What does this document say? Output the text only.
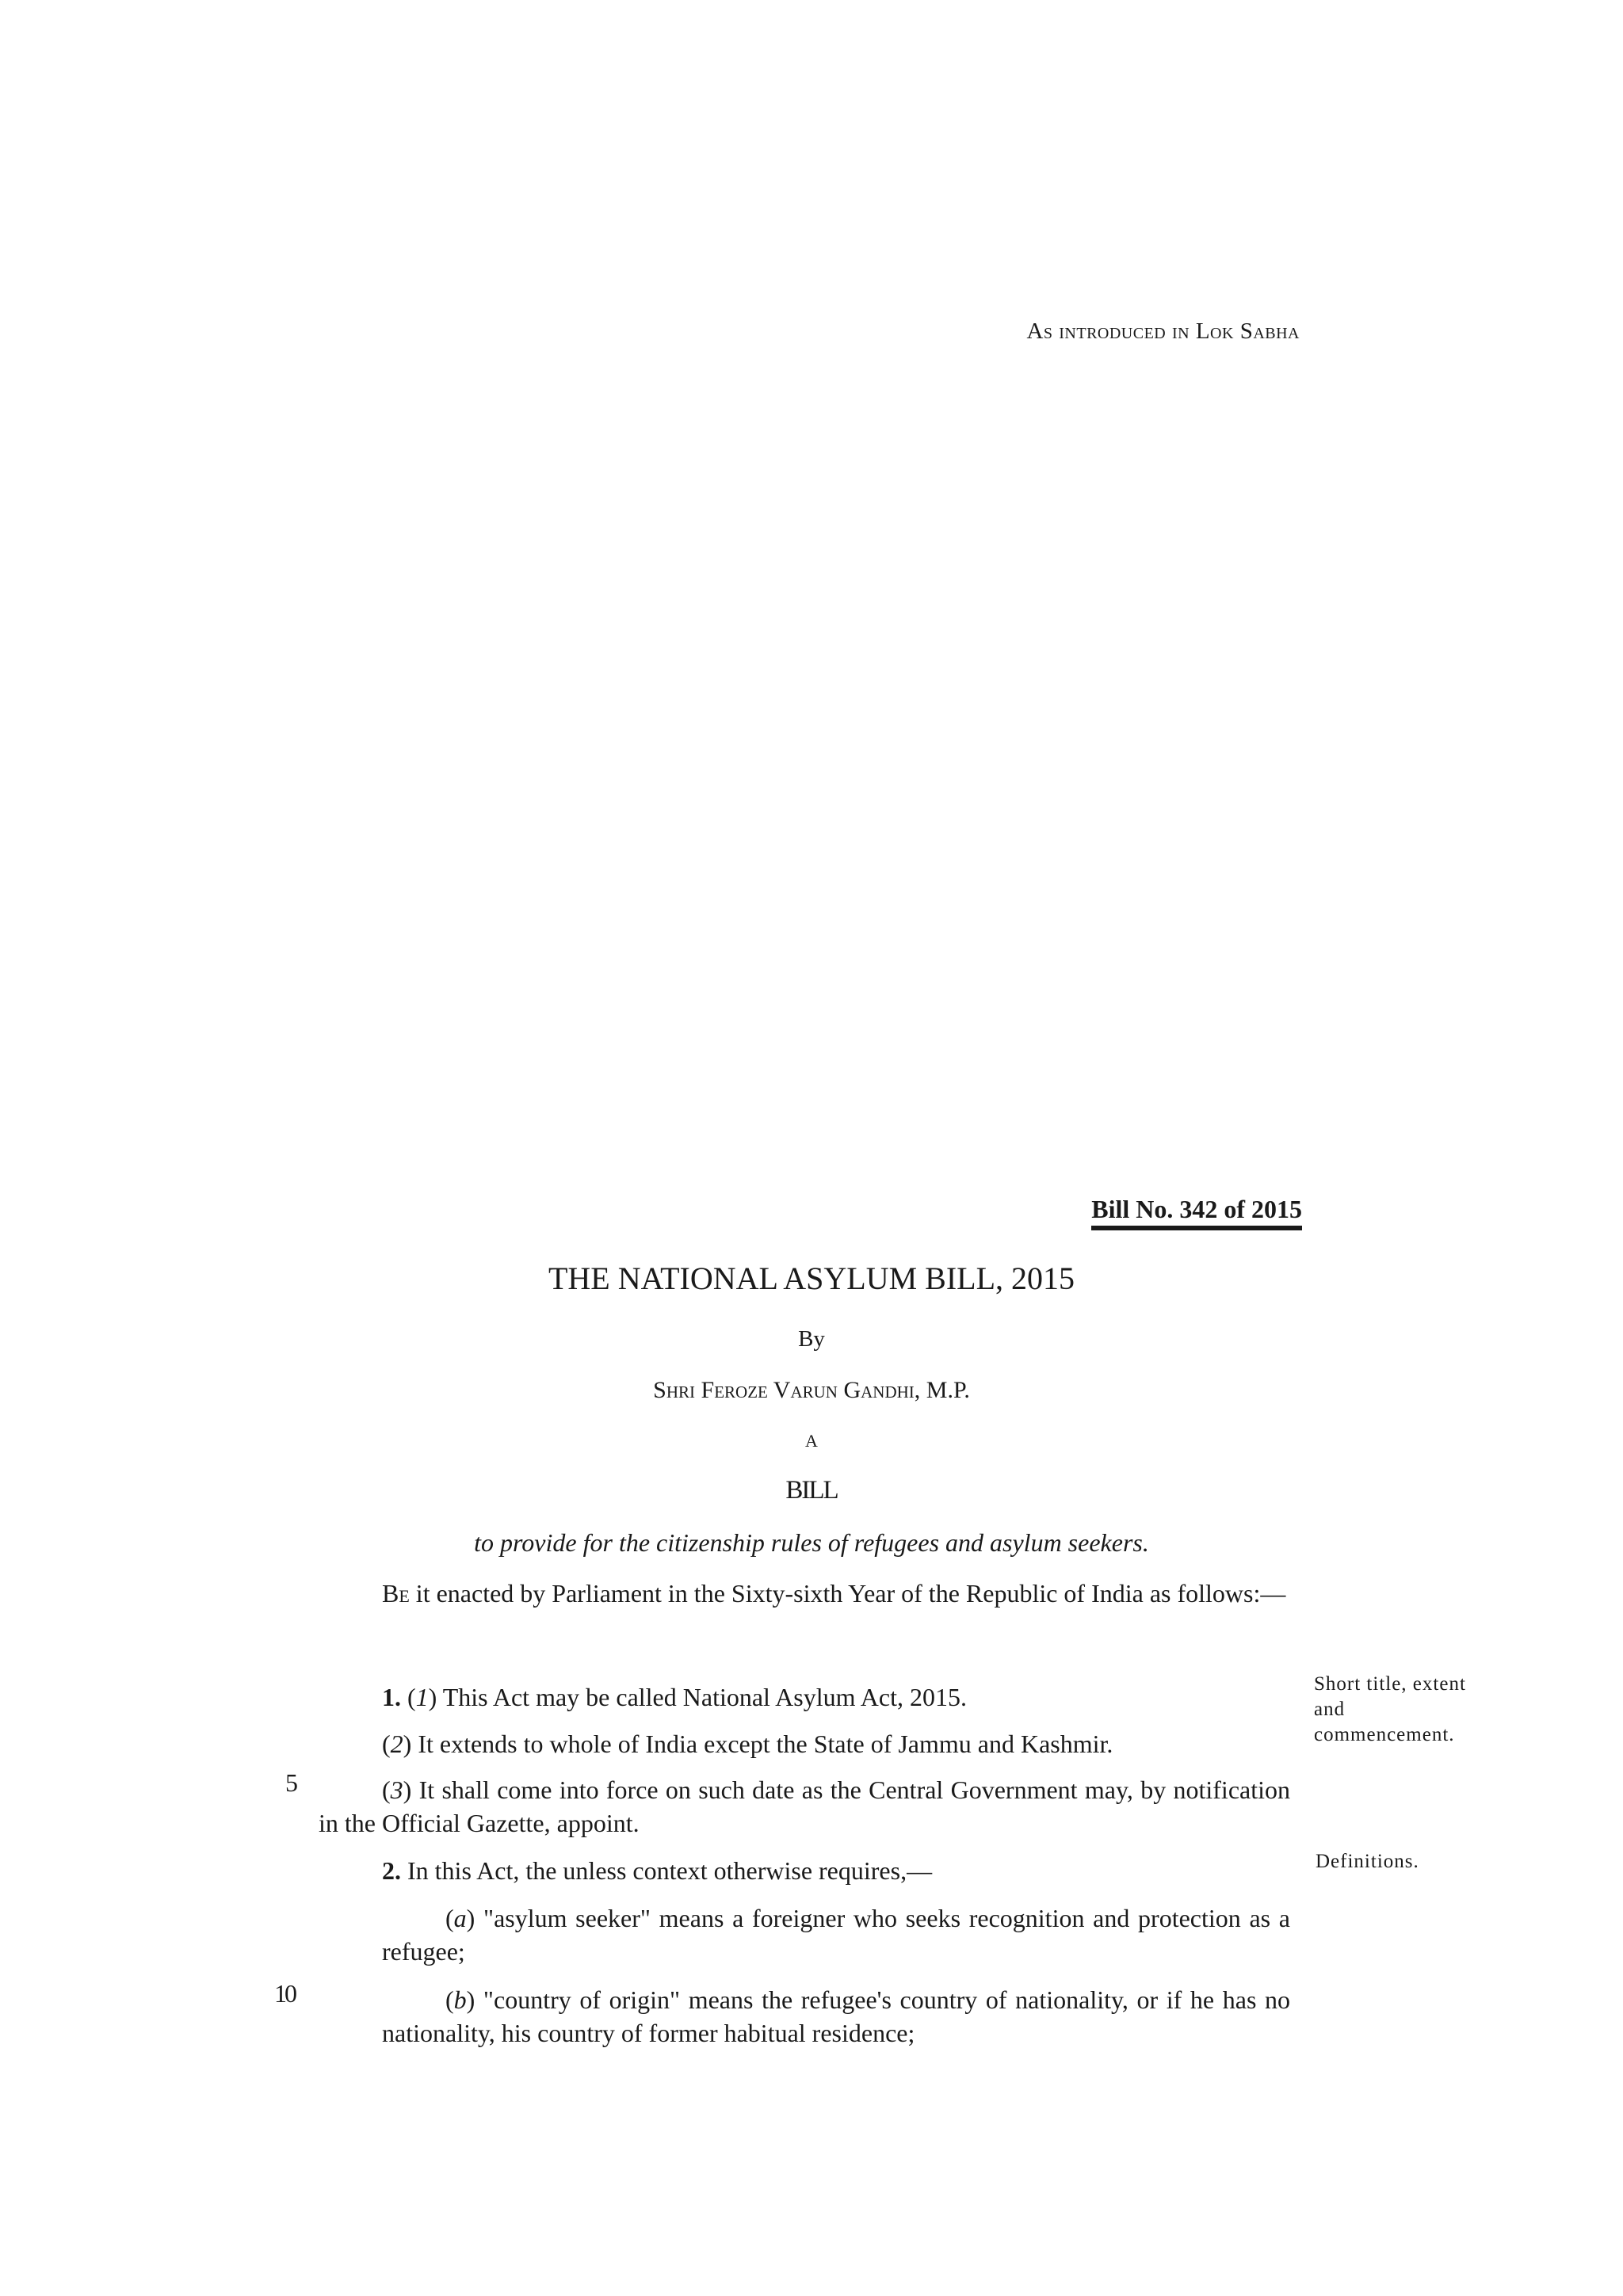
As introduced in Lok Sabha
Bill No. 342 of 2015
THE NATIONAL ASYLUM BILL, 2015
By
Shri Feroze Varun Gandhi, M.P.
A
BILL
to provide for the citizenship rules of refugees and asylum seekers.
Be it enacted by Parliament in the Sixty-sixth Year of the Republic of India as follows:—
1. (1) This Act may be called National Asylum Act, 2015.
(2) It extends to whole of India except the State of Jammu and Kashmir.
(3) It shall come into force on such date as the Central Government may, by notification in the Official Gazette, appoint.
2. In this Act, the unless context otherwise requires,—
(a) "asylum seeker" means a foreigner who seeks recognition and protection as a refugee;
(b) "country of origin" means the refugee's country of nationality, or if he has no nationality, his country of former habitual residence;
Short title, extent and commencement.
Definitions.
5
10
